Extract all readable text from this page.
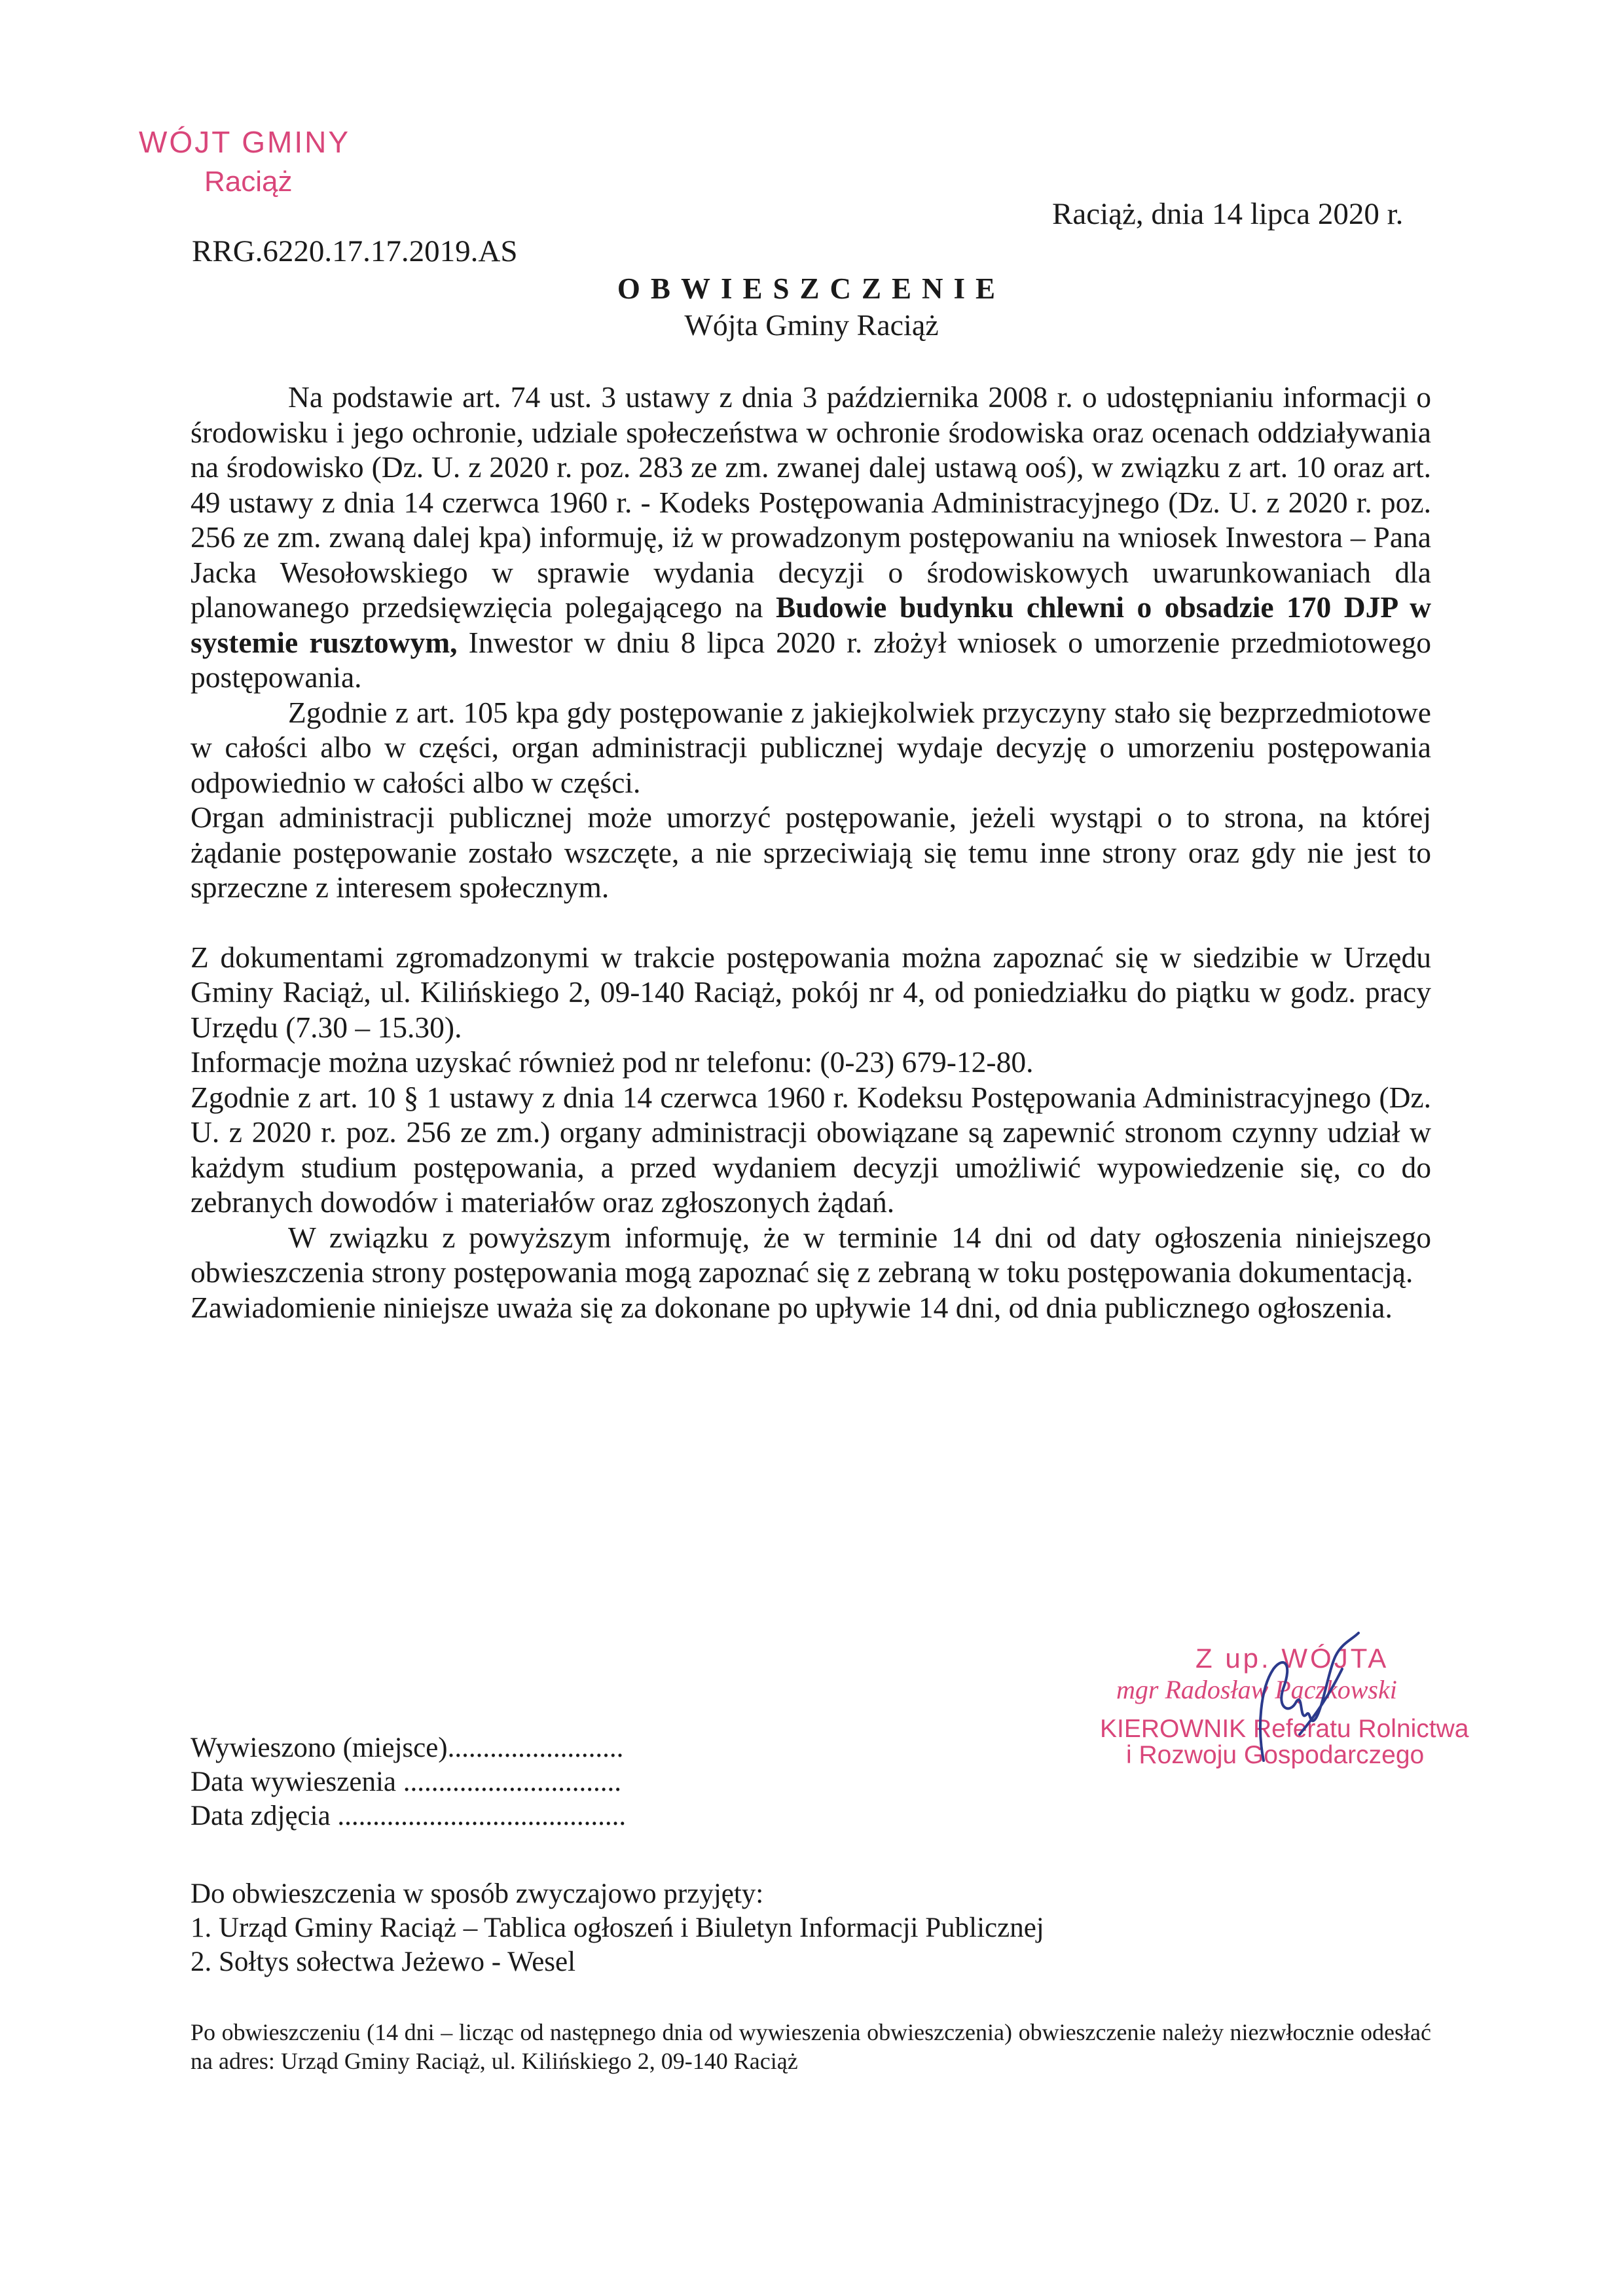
WÓJT GMINY
Raciąż
RRG.6220.17.17.2019.AS
Raciąż, dnia 14 lipca 2020 r.
OBWIESZCZENIE
Wójta Gminy Raciąż

Na podstawie art. 74 ust. 3 ustawy z dnia 3 października 2008 r. o udostępnianiu informacji o środowisku i jego ochronie, udziale społeczeństwa w ochronie środowiska oraz ocenach oddziaływania na środowisko (Dz. U. z 2020 r. poz. 283 ze zm. zwanej dalej ustawą ooś), w związku z art. 10 oraz art. 49 ustawy z dnia 14 czerwca 1960 r. - Kodeks Postępowania Administracyjnego (Dz. U. z 2020 r. poz. 256 ze zm. zwaną dalej kpa) informuję, iż w prowadzonym postępowaniu na wniosek Inwestora – Pana Jacka Wesołowskiego w sprawie wydania decyzji o środowiskowych uwarunkowaniach dla planowanego przedsięwzięcia polegającego na Budowie budynku chlewni o obsadzie 170 DJP w systemie rusztowym, Inwestor w dniu 8 lipca 2020 r. złożył wniosek o umorzenie przedmiotowego postępowania.

Zgodnie z art. 105 kpa gdy postępowanie z jakiejkolwiek przyczyny stało się bezprzedmiotowe w całości albo w części, organ administracji publicznej wydaje decyzję o umorzeniu postępowania odpowiednio w całości albo w części.

Organ administracji publicznej może umorzyć postępowanie, jeżeli wystąpi o to strona, na której żądanie postępowanie zostało wszczęte, a nie sprzeciwiają się temu inne strony oraz gdy nie jest to sprzeczne z interesem społecznym.

Z dokumentami zgromadzonymi w trakcie postępowania można zapoznać się w siedzibie w Urzędu Gminy Raciąż, ul. Kilińskiego 2, 09-140 Raciąż, pokój nr 4, od poniedziałku do piątku w godz. pracy Urzędu (7.30 – 15.30).

Informacje można uzyskać również pod nr telefonu: (0-23) 679-12-80.

Zgodnie z art. 10 § 1 ustawy z dnia 14 czerwca 1960 r. Kodeksu Postępowania Administracyjnego (Dz. U. z 2020 r. poz. 256 ze zm.) organy administracji obowiązane są zapewnić stronom czynny udział w każdym studium postępowania, a przed wydaniem decyzji umożliwić wypowiedzenie się, co do zebranych dowodów i materiałów oraz zgłoszonych żądań.

W związku z powyższym informuję, że w terminie 14 dni od daty ogłoszenia niniejszego obwieszczenia strony postępowania mogą zapoznać się z zebraną w toku postępowania dokumentacją.

Zawiadomienie niniejsze uważa się za dokonane po upływie 14 dni, od dnia publicznego ogłoszenia.

Z up. WÓJTA
mgr Radosław Pączkowski
KIEROWNIK Referatu Rolnictwa
i Rozwoju Gospodarczego
Wywieszono (miejsce).........................
Data wywieszenia ...............................
Data zdjęcia .........................................
Do obwieszczenia w sposób zwyczajowo przyjęty:
1. Urząd Gminy Raciąż – Tablica ogłoszeń i Biuletyn Informacji Publicznej
2. Sołtys sołectwa Jeżewo - Wesel
Po obwieszczeniu (14 dni – licząc od następnego dnia od wywieszenia obwieszczenia) obwieszczenie należy niezwłocznie odesłać na adres: Urząd Gminy Raciąż, ul. Kilińskiego 2, 09-140 Raciąż
